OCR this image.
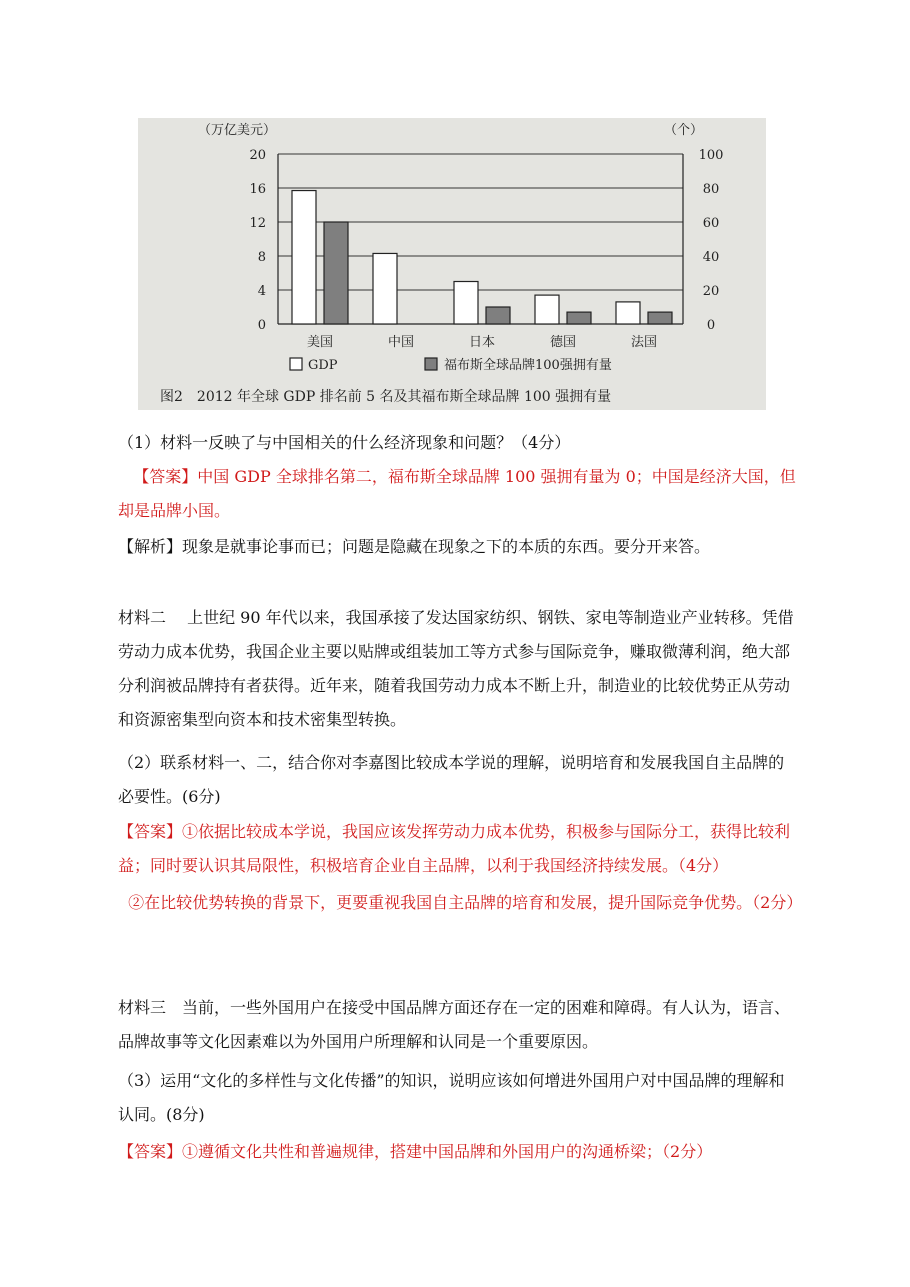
（万亿美元）	（个）
0	0
4	20
8	40
12	60
16	80
20	100
美国	中国	日本	德国	法国
GDP	福布斯全球品牌100强拥有量
图2　2012 年全球 GDP 排名前 5 名及其福布斯全球品牌 100 强拥有量

（1）材料一反映了与中国相关的什么经济现象和问题？（4分）

【答案】中国 GDP 全球排名第二，福布斯全球品牌 100 强拥有量为 0；中国是经济大国，但却是品牌小国。

【解析】现象是就事论事而已；问题是隐藏在现象之下的本质的东西。要分开来答。

材料二　 上世纪 90 年代以来，我国承接了发达国家纺织、钢铁、家电等制造业产业转移。凭借劳动力成本优势，我国企业主要以贴牌或组装加工等方式参与国际竞争，赚取微薄利润，绝大部分利润被品牌持有者获得。近年来，随着我国劳动力成本不断上升，制造业的比较优势正从劳动和资源密集型向资本和技术密集型转换。

（2）联系材料一、二，结合你对李嘉图比较成本学说的理解，说明培育和发展我国自主品牌的必要性。(6分)

【答案】①依据比较成本学说，我国应该发挥劳动力成本优势，积极参与国际分工，获得比较利益；同时要认识其局限性，积极培育企业自主品牌，以利于我国经济持续发展。（4分）

②在比较优势转换的背景下，更要重视我国自主品牌的培育和发展，提升国际竞争优势。（2分）

材料三　当前，一些外国用户在接受中国品牌方面还存在一定的困难和障碍。有人认为，语言、品牌故事等文化因素难以为外国用户所理解和认同是一个重要原因。

（3）运用“文化的多样性与文化传播”的知识，说明应该如何增进外国用户对中国品牌的理解和认同。(8分)

【答案】①遵循文化共性和普遍规律，搭建中国品牌和外国用户的沟通桥梁；（2分）
